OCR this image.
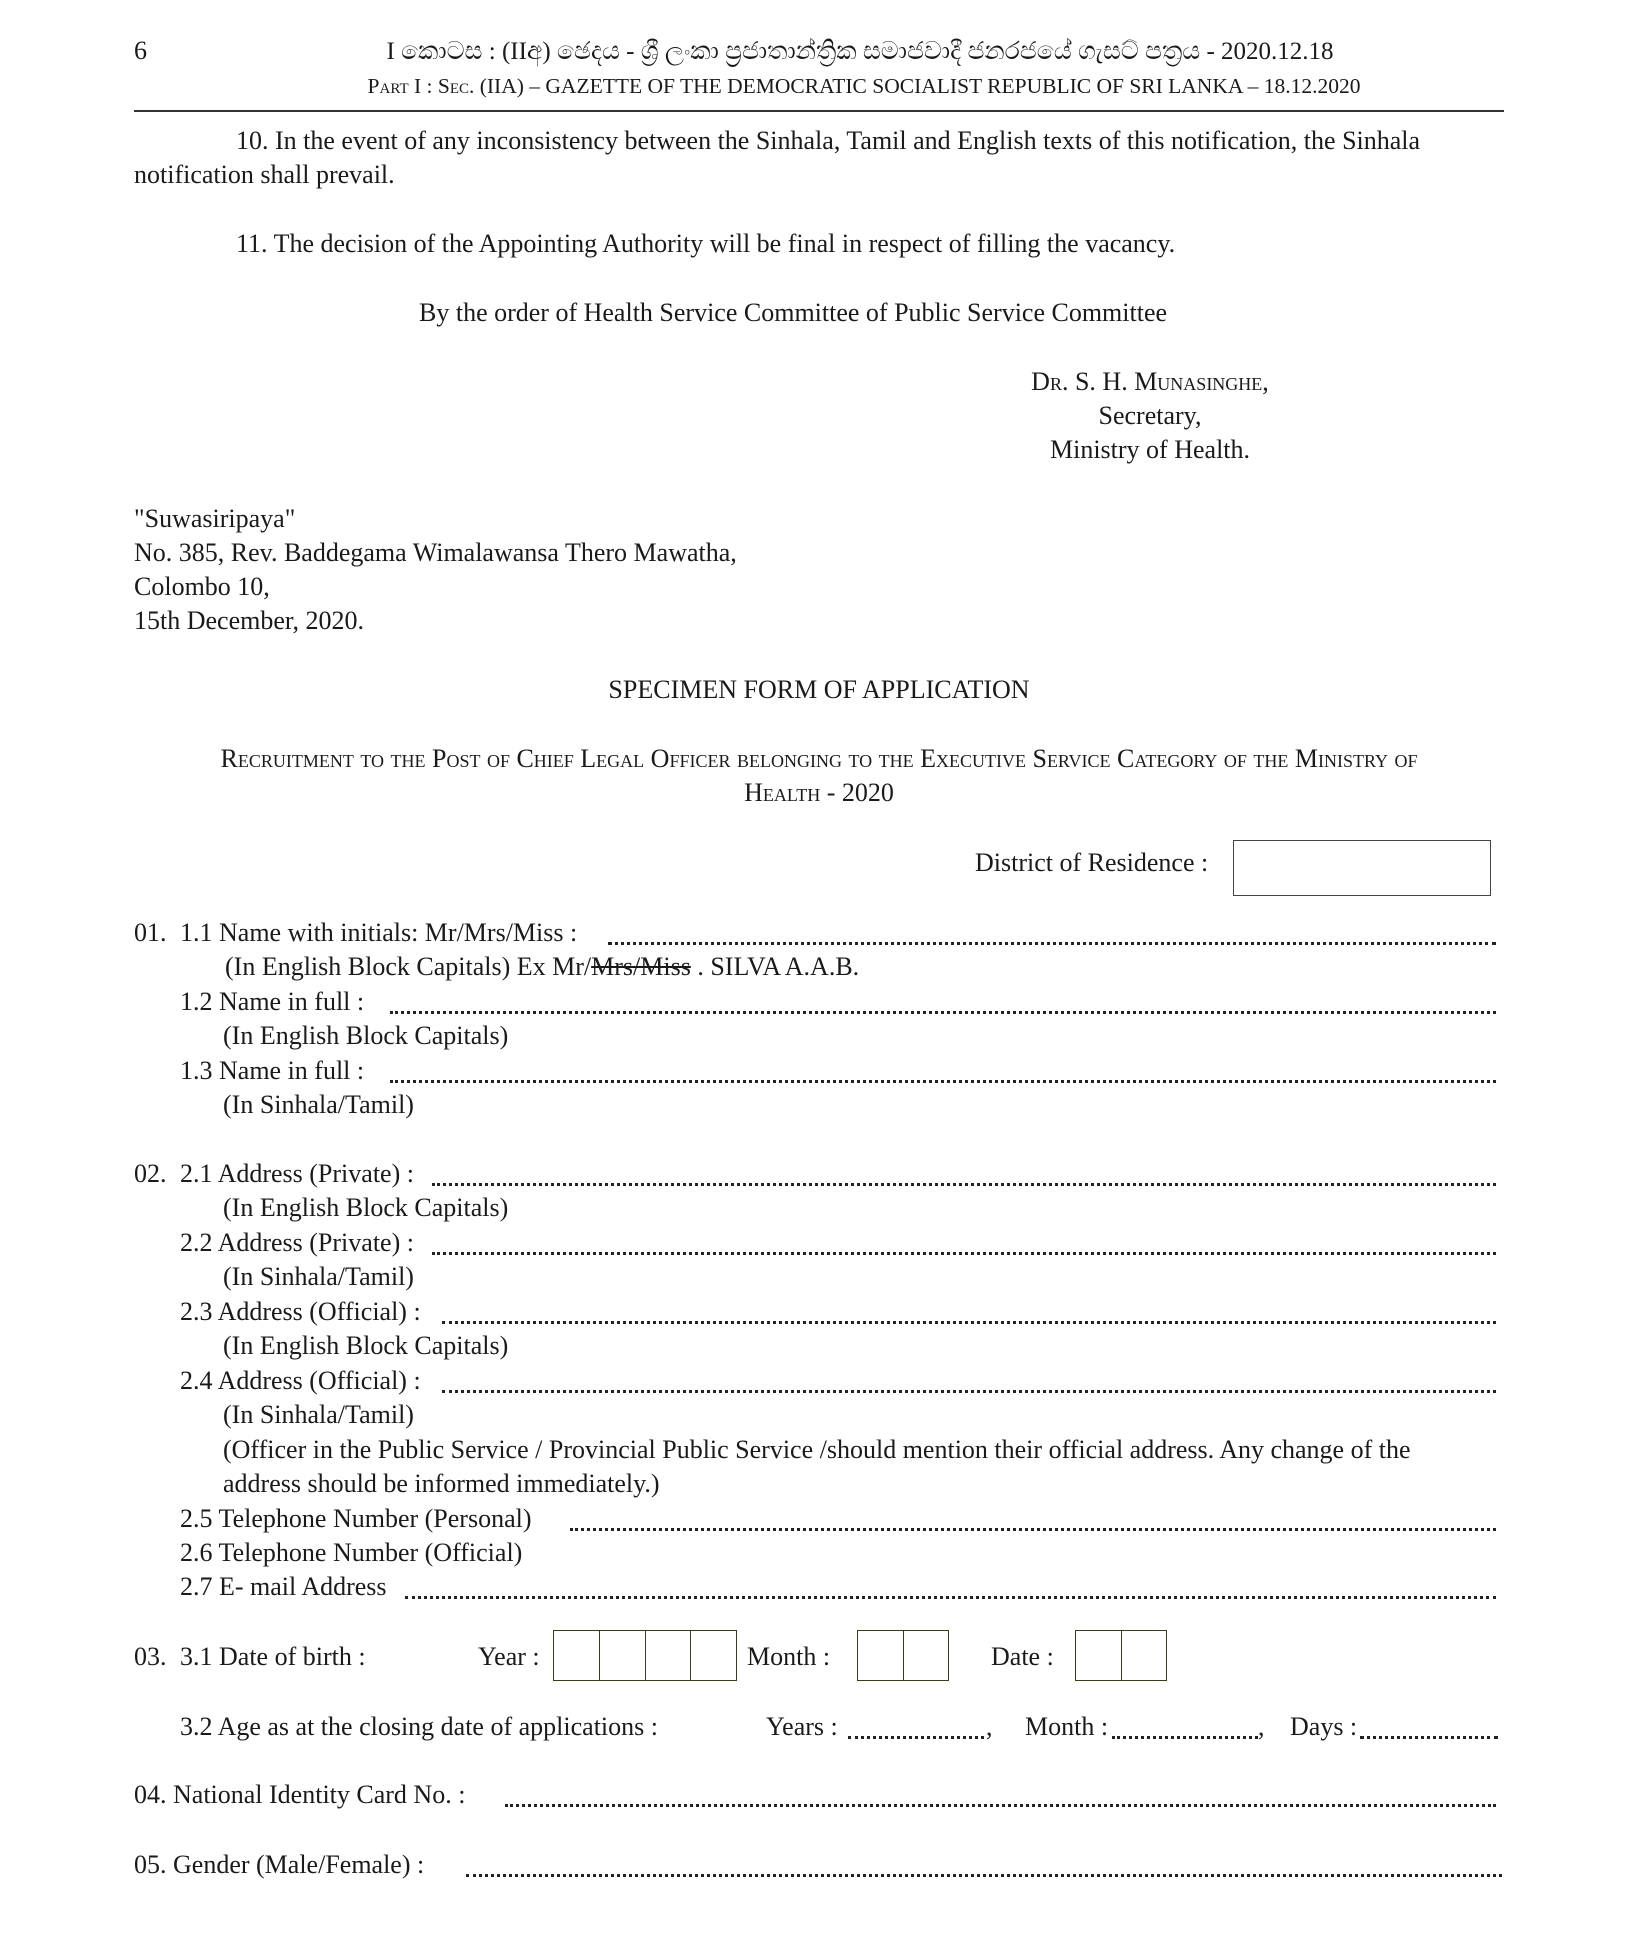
6	I කොටස : (IIඅ) ඡෙදය - ශ්‍රී ලංකා ප්‍රජාතාන්ත්‍රික සමාජවාදී ජනරජයේ ගැසට් පත්‍රය - 2020.12.18
Part I : Sec. (IIA) – GAZETTE OF THE DEMOCRATIC SOCIALIST REPUBLIC OF SRI LANKA – 18.12.2020
10. In the event of any inconsistency between the Sinhala, Tamil and English texts of this notification, the Sinhala
notification shall prevail.
11. The decision of the Appointing Authority will be final in respect of filling the vacancy.
By the order of Health Service Committee of Public Service Committee
Dr. S. H. Munasinghe,
Secretary,
Ministry of Health.
"Suwasiripaya"
No. 385, Rev. Baddegama Wimalawansa Thero Mawatha,
Colombo 10,
15th December, 2020.
SPECIMEN FORM OF APPLICATION
Recruitment to the Post of Chief Legal Officer belonging to the Executive Service Category of the Ministry of
Health - 2020
District of Residence :
01. 1.1 Name with initials: Mr/Mrs/Miss :
(In English Block Capitals) Ex Mr/Mrs/Miss . SILVA A.A.B.
1.2 Name in full :
(In English Block Capitals)
1.3 Name in full :
(In Sinhala/Tamil)
02. 2.1 Address (Private) :
(In English Block Capitals)
2.2 Address (Private) :
(In Sinhala/Tamil)
2.3 Address (Official) :
(In English Block Capitals)
2.4 Address (Official) :
(In Sinhala/Tamil)
(Officer in the Public Service / Provincial Public Service /should mention their official address. Any change of the
address should be informed immediately.)
2.5 Telephone Number (Personal)
2.6 Telephone Number (Official)
2.7 E- mail Address
03. 3.1 Date of birth :	Year :	Month :	Date :
3.2 Age as at the closing date of applications :	Years :	, Month :	, Days :
04. National Identity Card No. :
05. Gender (Male/Female) :
